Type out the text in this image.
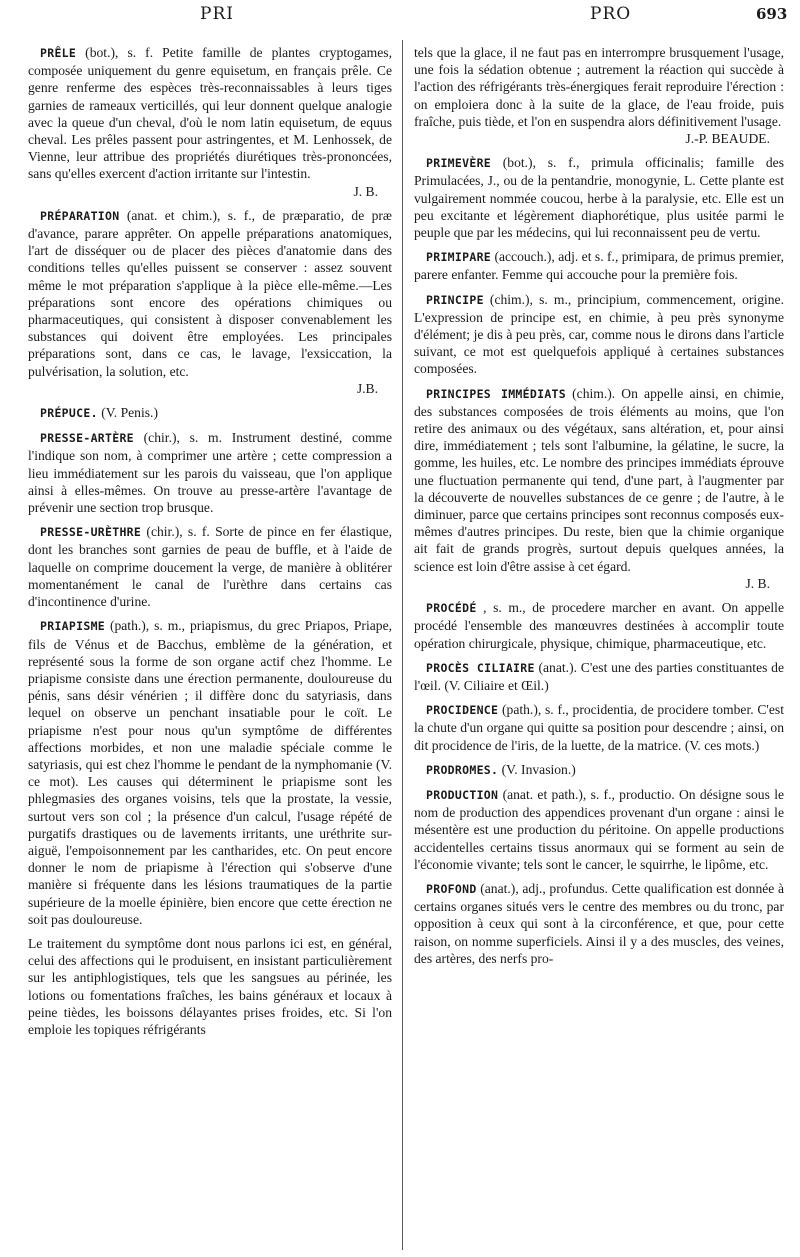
PRI	PRO	693

PRÊLE (bot.), s. f. Petite famille de plantes cryptogames, composée uniquement du genre equisetum, en français prêle. Ce genre renferme des espèces très-reconnaissables à leurs tiges garnies de rameaux verticillés, qui leur donnent quelque analogie avec la queue d'un cheval, d'où le nom latin equisetum, de equus cheval. Les prêles passent pour astringentes, et M. Lenhossek, de Vienne, leur attribue des propriétés diurétiques très-prononcées, sans qu'elles exercent d'action irritante sur l'intestin.
J. B.

PRÉPARATION (anat. et chim.), s. f., de præparatio, de præ d'avance, parare apprêter. On appelle préparations anatomiques, l'art de disséquer ou de placer des pièces d'anatomie dans des conditions telles qu'elles puissent se conserver : assez souvent même le mot préparation s'applique à la pièce elle-même.—Les préparations sont encore des opérations chimiques ou pharmaceutiques, qui consistent à disposer convenablement les substances qui doivent être employées. Les principales préparations sont, dans ce cas, le lavage, l'exsiccation, la pulvérisation, la solution, etc.
J.B.

PRÉPUCE. (V. Penis.)

PRESSE-ARTÈRE (chir.), s. m. Instrument destiné, comme l'indique son nom, à comprimer une artère ; cette compression a lieu immédiatement sur les parois du vaisseau, que l'on applique ainsi à elles-mêmes. On trouve au presse-artère l'avantage de prévenir une section trop brusque.

PRESSE-URÈTHRE (chir.), s. f. Sorte de pince en fer élastique, dont les branches sont garnies de peau de buffle, et à l'aide de laquelle on comprime doucement la verge, de manière à oblitérer momentanément le canal de l'urèthre dans certains cas d'incontinence d'urine.

PRIAPISME (path.), s. m., priapismus, du grec Priapos, Priape, fils de Vénus et de Bacchus, emblème de la génération, et représenté sous la forme de son organe actif chez l'homme. Le priapisme consiste dans une érection permanente, douloureuse du pénis, sans désir vénérien ; il diffère donc du satyriasis, dans lequel on observe un penchant insatiable pour le coït. Le priapisme n'est pour nous qu'un symptôme de différentes affections morbides, et non une maladie spéciale comme le satyriasis, qui est chez l'homme le pendant de la nymphomanie (V. ce mot). Les causes qui déterminent le priapisme sont les phlegmasies des organes voisins, tels que la prostate, la vessie, surtout vers son col ; la présence d'un calcul, l'usage répété de purgatifs drastiques ou de lavements irritants, une uréthrite sur-aiguë, l'empoisonnement par les cantharides, etc. On peut encore donner le nom de priapisme à l'érection qui s'observe d'une manière si fréquente dans les lésions traumatiques de la partie supérieure de la moelle épinière, bien encore que cette érection ne soit pas douloureuse.

Le traitement du symptôme dont nous parlons ici est, en général, celui des affections qui le produisent, en insistant particulièrement sur les antiphlogistiques, tels que les sangsues au périnée, les lotions ou fomentations fraîches, les bains généraux et locaux à peine tièdes, les boissons délayantes prises froides, etc. Si l'on emploie les topiques réfrigérants

tels que la glace, il ne faut pas en interrompre brusquement l'usage, une fois la sédation obtenue ; autrement la réaction qui succède à l'action des réfrigérants très-énergiques ferait reproduire l'érection : on emploiera donc à la suite de la glace, de l'eau froide, puis fraîche, puis tiède, et l'on en suspendra alors définitivement l'usage.
J.-P. BEAUDE.

PRIMEVÈRE (bot.), s. f., primula officinalis; famille des Primulacées, J., ou de la pentandrie, monogynie, L. Cette plante est vulgairement nommée coucou, herbe à la paralysie, etc. Elle est un peu excitante et légèrement diaphorétique, plus usitée parmi le peuple que par les médecins, qui lui reconnaissent peu de vertu.

PRIMIPARE (accouch.), adj. et s. f., primipara, de primus premier, parere enfanter. Femme qui accouche pour la première fois.

PRINCIPE (chim.), s. m., principium, commencement, origine. L'expression de principe est, en chimie, à peu près synonyme d'élément; je dis à peu près, car, comme nous le dirons dans l'article suivant, ce mot est quelquefois appliqué à certaines substances composées.

PRINCIPES IMMÉDIATS (chim.). On appelle ainsi, en chimie, des substances composées de trois éléments au moins, que l'on retire des animaux ou des végétaux, sans altération, et, pour ainsi dire, immédiatement ; tels sont l'albumine, la gélatine, le sucre, la gomme, les huiles, etc. Le nombre des principes immédiats éprouve une fluctuation permanente qui tend, d'une part, à l'augmenter par la découverte de nouvelles substances de ce genre ; de l'autre, à le diminuer, parce que certains principes sont reconnus composés eux-mêmes d'autres principes. Du reste, bien que la chimie organique ait fait de grands progrès, surtout depuis quelques années, la science est loin d'être assise à cet égard.
J. B.

PROCÉDÉ , s. m., de procedere marcher en avant. On appelle procédé l'ensemble des manœuvres destinées à accomplir toute opération chirurgicale, physique, chimique, pharmaceutique, etc.

PROCÈS CILIAIRE (anat.). C'est une des parties constituantes de l'œil. (V. Ciliaire et Œil.)

PROCIDENCE (path.), s. f., procidentia, de procidere tomber. C'est la chute d'un organe qui quitte sa position pour descendre ; ainsi, on dit procidence de l'iris, de la luette, de la matrice. (V. ces mots.)

PRODROMES. (V. Invasion.)

PRODUCTION (anat. et path.), s. f., productio. On désigne sous le nom de production des appendices provenant d'un organe : ainsi le mésentère est une production du péritoine. On appelle productions accidentelles certains tissus anormaux qui se forment au sein de l'économie vivante; tels sont le cancer, le squirrhe, le lipôme, etc.

PROFOND (anat.), adj., profundus. Cette qualification est donnée à certains organes situés vers le centre des membres ou du tronc, par opposition à ceux qui sont à la circonférence, et que, pour cette raison, on nomme superficiels. Ainsi il y a des muscles, des veines, des artères, des nerfs pro-
